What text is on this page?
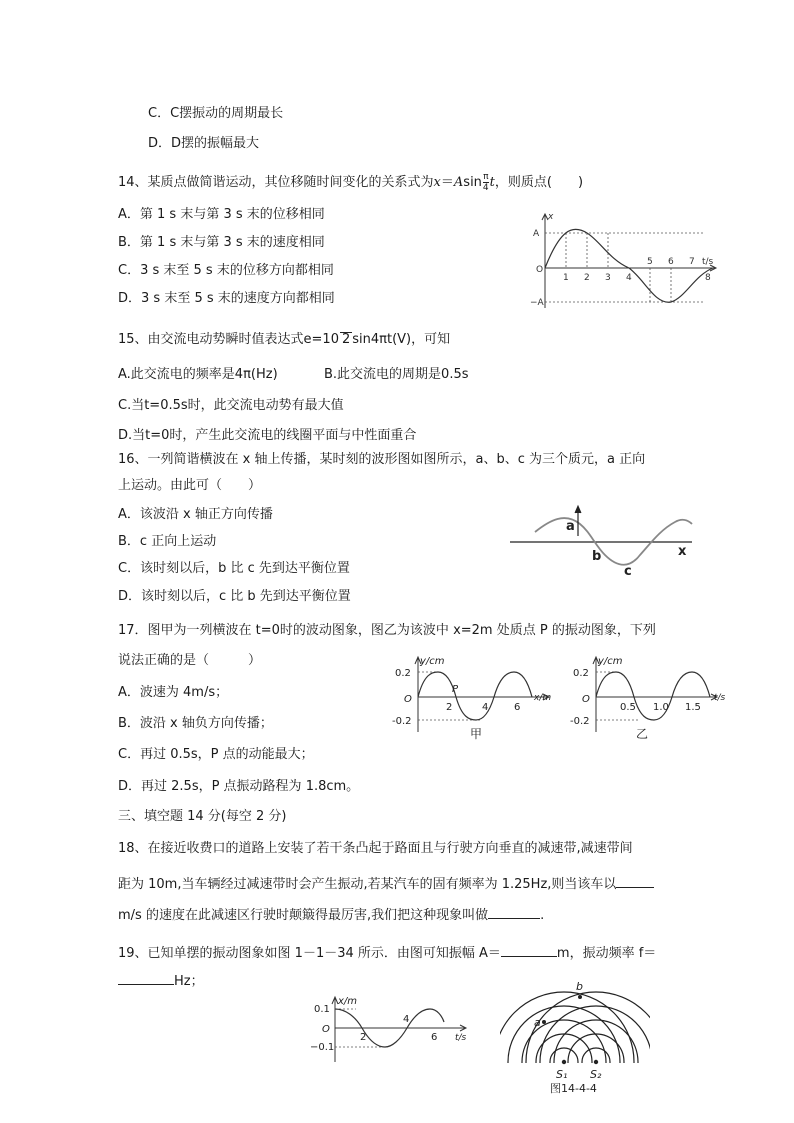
C．C摆振动的周期最长
D．D摆的振幅最大
14、某质点做简谐运动，其位移随时间变化的关系式为$x=Asin \frac{\pi}{4}$ t，则质点(　　)
A．第 1 s 末与第 3 s 末的位移相同
B．第 1 s 末与第 3 s 末的速度相同
C．3 s 末至 5 s 末的位移方向都相同
D．3 s 末至 5 s 末的速度方向都相同
x
A
−A
O
t/s
1 2 3 4
5 6 7
8
15、由交流电动势瞬时值表达式e=10 2 sin4πt(V)，可知
A.此交流电的频率是4π(Hz)	B.此交流电的周期是0.5s
C.当t=0.5s时，此交流电动势有最大值
D.当t=0时，产生此交流电的线圈平面与中性面重合
16、一列简谐横波在 x 轴上传播，某时刻的波形图如图所示，a、b、c 为三个质元，a 正向
上运动。由此可（　　）
A．该波沿 x 轴正方向传播
B．c 正向上运动
C．该时刻以后，b 比 c 先到达平衡位置
D．该时刻以后，c 比 b 先到达平衡位置
a
b
c
x
17．图甲为一列横波在 t=0时的波动图象，图乙为该波中 x=2m 处质点 P 的振动图象，下列
说法正确的是（　　　）
A．波速为 4m/s；
B．波沿 x 轴负方向传播；
C．再过 0.5s，P 点的动能最大；
D．再过 2.5s，P 点振动路程为 1.8cm。
y/cm
0.2
-0.2
O
P
2	4	6
x/m
甲
y/cm
0.2
-0.2
O
0.5 1.0 1.5
t/s
乙
三、填空题 14 分(每空 2 分)
18、在接近收费口的道路上安装了若干条凸起于路面且与行驶方向垂直的减速带,减速带间
距为 10m,当车辆经过减速带时会产生振动,若某汽车的固有频率为 1.25Hz,则当该车以
m/s 的速度在此减速区行驶时颠簸得最厉害,我们把这种现象叫做	.
19、已知单摆的振动图象如图 1－1－34 所示．由图可知振幅 A＝	m，振动频率 f＝
Hz；
x/m
0.1
−0.1
O
2
4
6 t/s
b
a
S₁ S₂
图14-4-4
